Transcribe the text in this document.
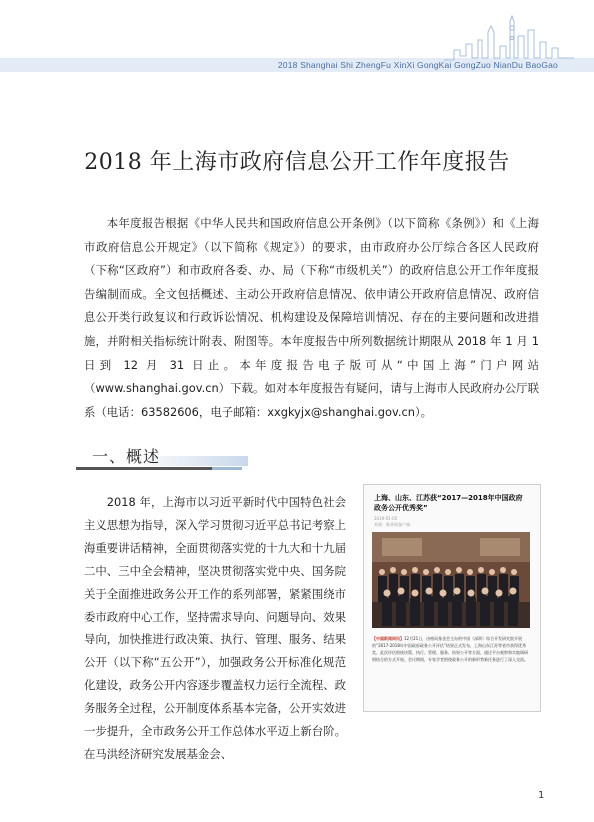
2018 Shanghai Shi ZhengFu XinXi GongKai GongZuo NianDu BaoGao
2018 年上海市政府信息公开工作年度报告

本年度报告根据《中华人民共和国政府信息公开条例》（以下简称《条例》）和《上海市政府信息公开规定》（以下简称《规定》）的要求，由市政府办公厅综合各区人民政府（下称“区政府”）和市政府各委、办、局（下称“市级机关”）的政府信息公开工作年度报告编制而成。全文包括概述、主动公开政府信息情况、依申请公开政府信息情况、政府信息公开类行政复议和行政诉讼情况、机构建设及保障培训情况、存在的主要问题和改进措施，并附相关指标统计附表、附图等。本年度报告中所列数据统计期限从 2018 年 1 月 1 日到 12 月 31 日止。本年度报告电子版可从“中国上海”门户网站（www.shanghai.gov.cn）下载。如对本年度报告有疑问，请与上海市人民政府办公厅联系（电话：63582606，电子邮箱：xxgkyjx@shanghai.gov.cn）。

一、概述

2018 年，上海市以习近平新时代中国特色社会主义思想为指导，深入学习贯彻习近平总书记考察上海重要讲话精神，全面贯彻落实党的十九大和十九届二中、三中全会精神，坚决贯彻落实党中央、国务院关于全面推进政务公开工作的系列部署，紧紧围绕市委市政府中心工作，坚持需求导向、问题导向、效果导向，加快推进行政决策、执行、管理、服务、结果公开（以下称“五公开”），加强政务公开标准化规范化建设，政务公开内容逐步覆盖权力运行全流程、政务服务全过程，公开制度体系基本完备，公开实效进一步提升，全市政务公开工作总体水平迈上新台阶。在马洪经济研究发展基金会、

上海、山东、江苏获“2017—2018年中国政府政务公开优秀奖”
2019-01-05
来源：新华网客户端
【中国新闻网讯】12月21日，由格局基金会主办的中国（深圳）综合开发研究院开展的“2017-2018年中国政府政务公开评估”结果正式发布，上海山东江苏等省市获得优秀奖。此次评估围绕决策、执行、管理、服务、结果公开等方面，通过平台观察和实地调研相结合的方式开展。会议期间，专家学者围绕政务公开的新形势新任务进行了深入交流。
1
